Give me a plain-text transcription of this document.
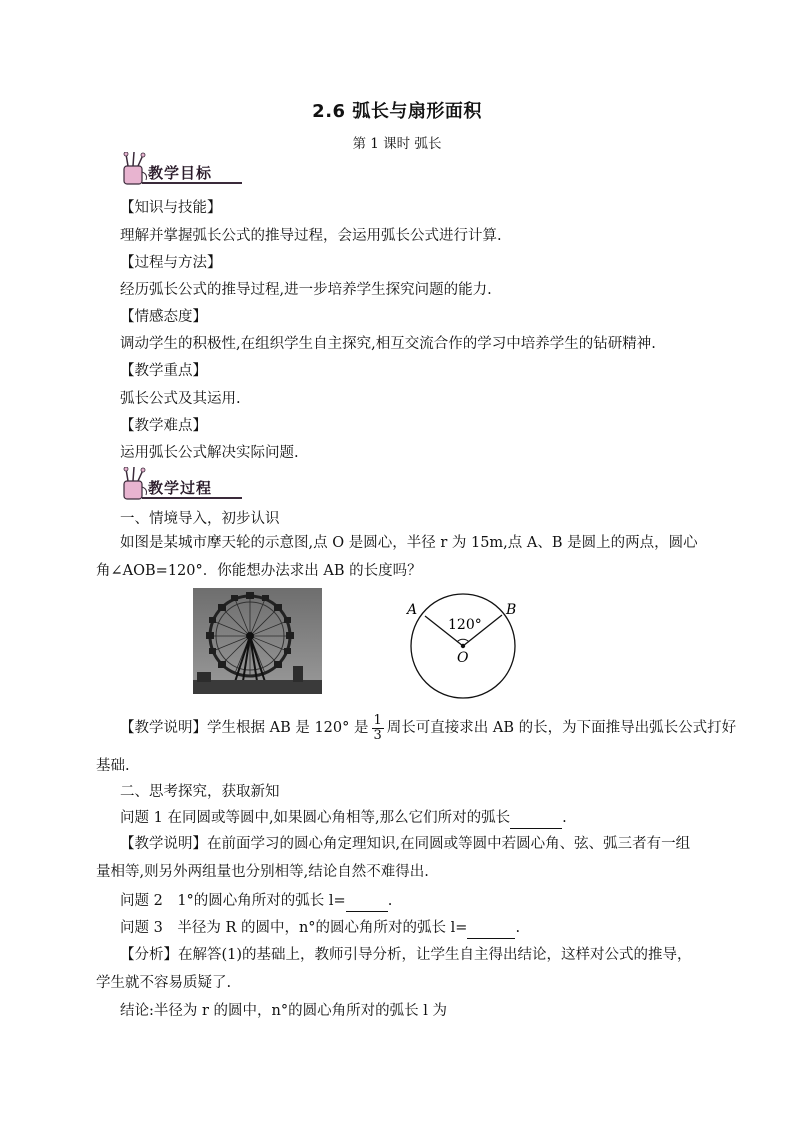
2.6 弧长与扇形面积
第 1 课时 弧长
教学目标
【知识与技能】
理解并掌握弧长公式的推导过程，会运用弧长公式进行计算.
【过程与方法】
经历弧长公式的推导过程,进一步培养学生探究问题的能力.
【情感态度】
调动学生的积极性,在组织学生自主探究,相互交流合作的学习中培养学生的钻研精神.
【教学重点】
弧长公式及其运用.
【教学难点】
运用弧长公式解决实际问题.
教学过程
一、情境导入，初步认识
如图是某城市摩天轮的示意图,点 O 是圆心，半径 r 为 15m,点 A、B 是圆上的两点，圆心角∠AOB=120°．你能想办法求出 AB 的长度吗？
A	B
O
120°
【教学说明】学生根据 AB 是 120° 是 $\frac{1}{3}$ 周长可直接求出 AB 的长，为下面推导出弧长公式打好
基础.
二、思考探究，获取新知
问题 1 在同圆或等圆中,如果圆心角相等,那么它们所对的弧长	.
【教学说明】在前面学习的圆心角定理知识,在同圆或等圆中若圆心角、弦、弧三者有一组量相等,则另外两组量也分别相等,结论自然不难得出.
问题 2　1°的圆心角所对的弧长 l=	.
问题 3　半径为 R 的圆中，n°的圆心角所对的弧长 l=	.
【分析】在解答(1)的基础上，教师引导分析，让学生自主得出结论，这样对公式的推导，学生就不容易质疑了.
结论:半径为 r 的圆中，n°的圆心角所对的弧长 l 为
